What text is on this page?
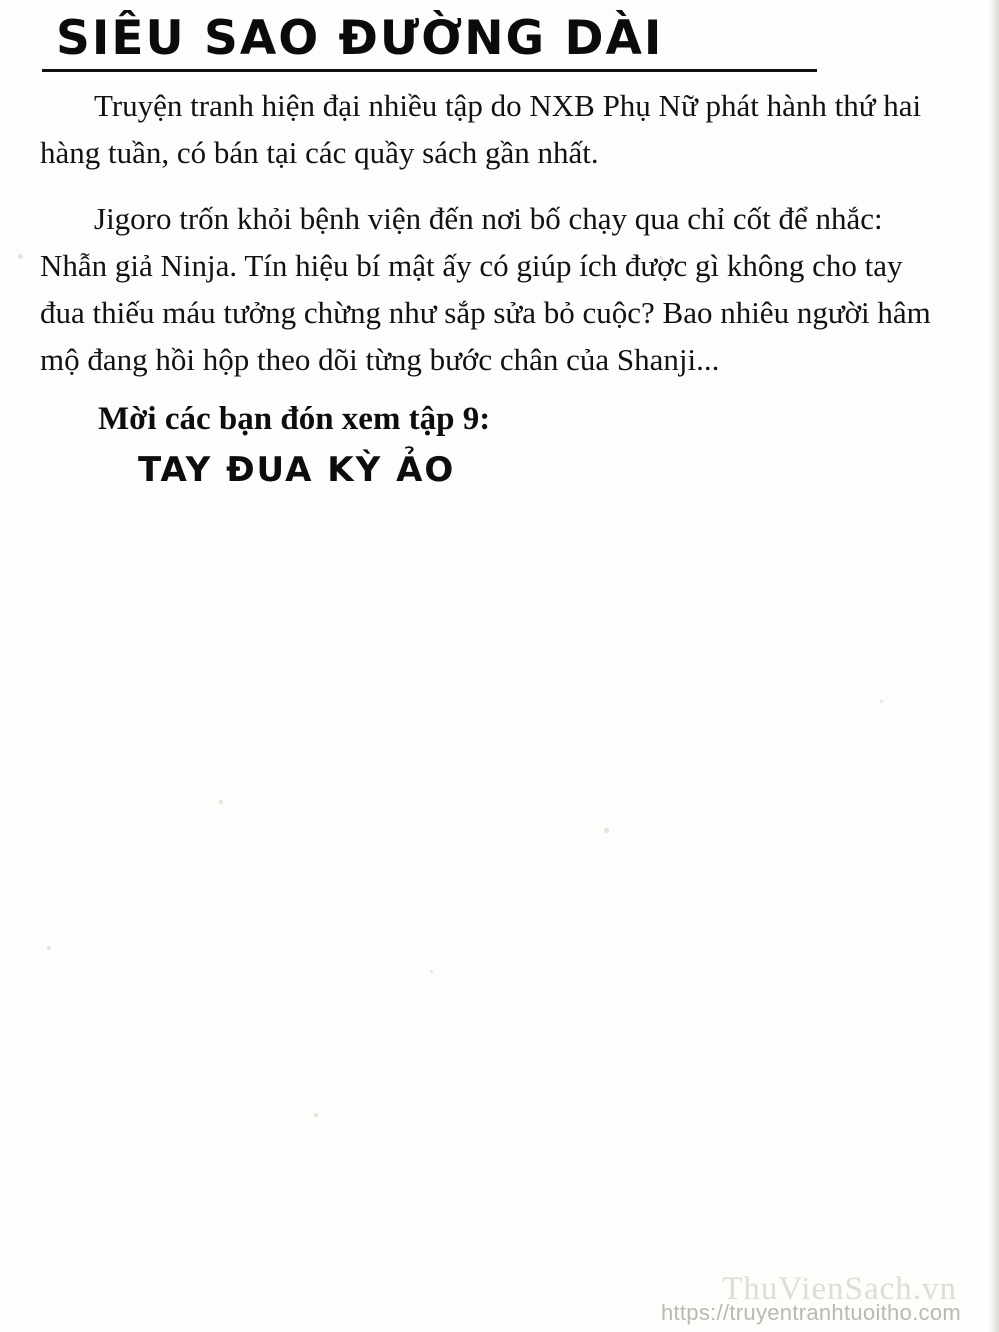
SIÊU SAO ĐƯỜNG DÀI

Truyện tranh hiện đại nhiều tập do NXB Phụ Nữ phát hành thứ hai hàng tuần, có bán tại các quầy sách gần nhất.

Jigoro trốn khỏi bệnh viện đến nơi bố chạy qua chỉ cốt để nhắc: Nhẫn giả Ninja. Tín hiệu bí mật ấy có giúp ích được gì không cho tay đua thiếu máu tưởng chừng như sắp sửa bỏ cuộc? Bao nhiêu người hâm mộ đang hồi hộp theo dõi từng bước chân của Shanji...

Mời các bạn đón xem tập 9:
TAY ĐUA KỲ ẢO
ThuVienSach.vn
https://truyentranhtuoitho.com
